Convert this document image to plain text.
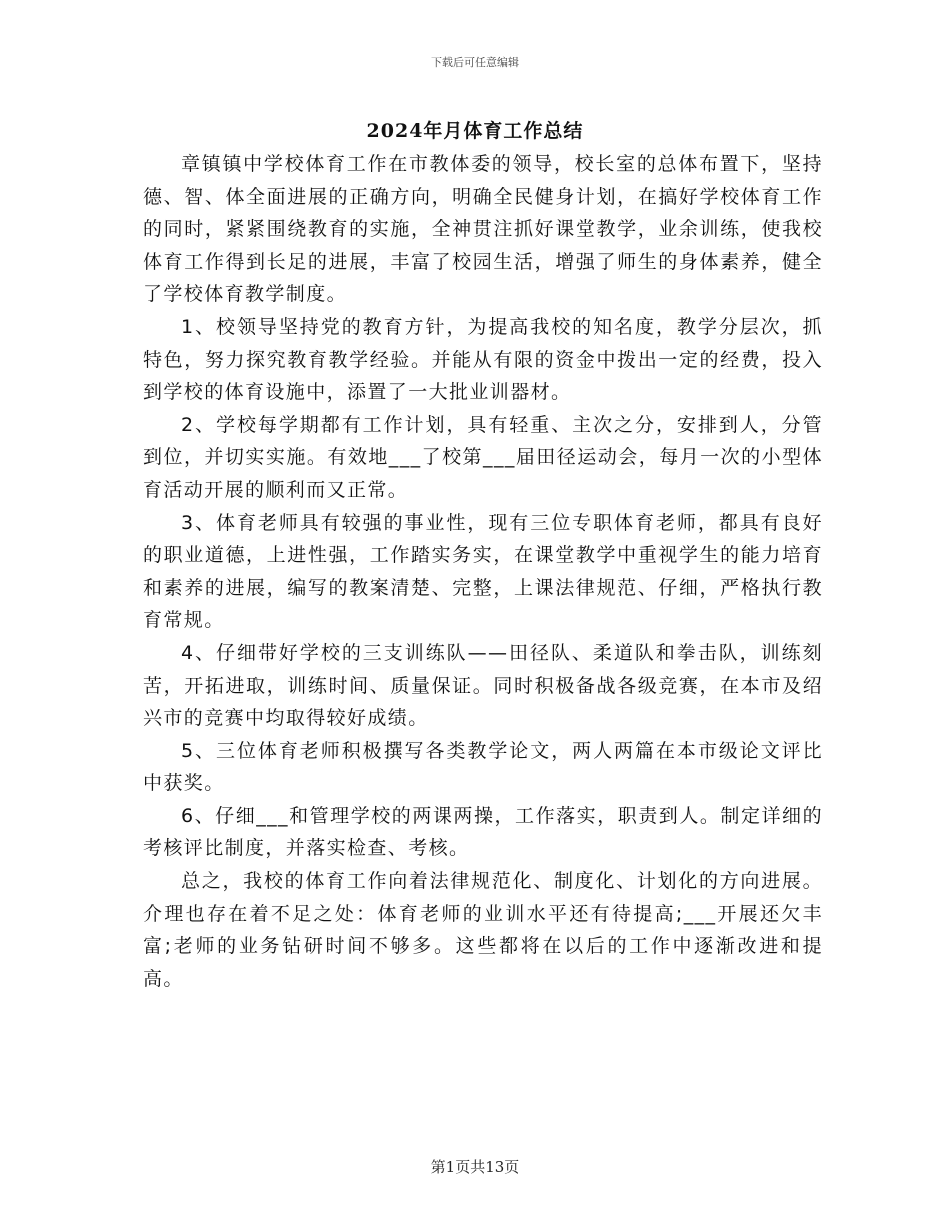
下载后可任意编辑
2024年月体育工作总结

章镇镇中学校体育工作在市教体委的领导，校长室的总体布置下，坚持德、智、体全面进展的正确方向，明确全民健身计划，在搞好学校体育工作的同时，紧紧围绕教育的实施，全神贯注抓好课堂教学，业余训练，使我校体育工作得到长足的进展，丰富了校园生活，增强了师生的身体素养，健全了学校体育教学制度。

1、校领导坚持党的教育方针，为提高我校的知名度，教学分层次，抓特色，努力探究教育教学经验。并能从有限的资金中拨出一定的经费，投入到学校的体育设施中，添置了一大批业训器材。

2、学校每学期都有工作计划，具有轻重、主次之分，安排到人，分管到位，并切实实施。有效地___了校第___届田径运动会，每月一次的小型体育活动开展的顺利而又正常。

3、体育老师具有较强的事业性，现有三位专职体育老师，都具有良好的职业道德，上进性强，工作踏实务实，在课堂教学中重视学生的能力培育和素养的进展，编写的教案清楚、完整，上课法律规范、仔细，严格执行教育常规。

4、仔细带好学校的三支训练队——田径队、柔道队和拳击队，训练刻苦，开拓进取，训练时间、质量保证。同时积极备战各级竞赛，在本市及绍兴市的竞赛中均取得较好成绩。

5、三位体育老师积极撰写各类教学论文，两人两篇在本市级论文评比中获奖。

6、仔细___和管理学校的两课两操，工作落实，职责到人。制定详细的考核评比制度，并落实检查、考核。

总之，我校的体育工作向着法律规范化、制度化、计划化的方向进展。介理也存在着不足之处：体育老师的业训水平还有待提高;___开展还欠丰富;老师的业务钻研时间不够多。这些都将在以后的工作中逐渐改进和提高。

第1页共13页
